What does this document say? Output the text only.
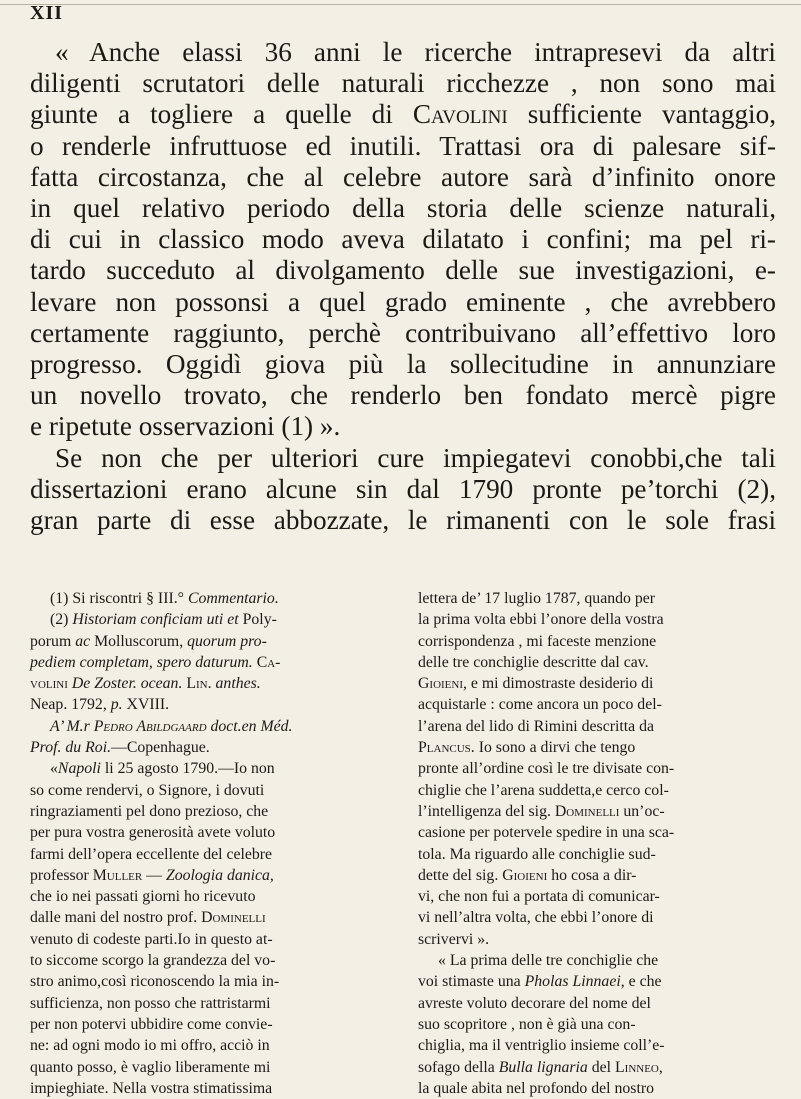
XII

« Anche elassi 36 anni le ricerche intrapresevi da altri

diligenti scrutatori delle naturali ricchezze , non sono mai

giunte a togliere a quelle di Cavolini sufficiente vantaggio,

o renderle infruttuose ed inutili. Trattasi ora di palesare sif-

fatta circostanza, che al celebre autore sarà d’infinito onore

in quel relativo periodo della storia delle scienze naturali,

di cui in classico modo aveva dilatato i confini; ma pel ri-

tardo succeduto al divolgamento delle sue investigazioni, e-

levare non possonsi a quel grado eminente , che avrebbero

certamente raggiunto, perchè contribuivano all’effettivo loro

progresso. Oggidì giova più la sollecitudine in annunziare

un novello trovato, che renderlo ben fondato mercè pigre

e ripetute osservazioni (1) ».

Se non che per ulteriori cure impiegatevi conobbi,che tali

dissertazioni erano alcune sin dal 1790 pronte pe’torchi (2),

gran parte di esse abbozzate, le rimanenti con le sole frasi

(1) Si riscontri § III.° Commentario.

(2) Historiam conficiam uti et Poly-
porum ac Molluscorum, quorum pro-
pediem completam, spero daturum. Ca-
volini De Zoster. ocean. Lin. anthes.
Neap. 1792, p. XVIII.

A’ M.r Pedro Abildgaard doct.en Méd.
Prof. du Roi.—Copenhague.

«Napoli li 25 agosto 1790.—Io non
so come rendervi, o Signore, i dovuti
ringraziamenti pel dono prezioso, che
per pura vostra generosità avete voluto
farmi dell’opera eccellente del celebre
professor Muller — Zoologia danica,
che io nei passati giorni ho ricevuto
dalle mani del nostro prof. Dominelli
venuto di codeste parti.Io in questo at-
to siccome scorgo la grandezza del vo-
stro animo,così riconoscendo la mia in-
sufficienza, non posso che rattristarmi
per non potervi ubbidire come convie-
ne: ad ogni modo io mi offro, acciò in
quanto posso, è vaglio liberamente mi
impieghiate. Nella vostra stimatissima

lettera de’ 17 luglio 1787, quando per
la prima volta ebbi l’onore della vostra
corrispondenza , mi faceste menzione
delle tre conchiglie descritte dal cav.
Gioieni, e mi dimostraste desiderio di
acquistarle : come ancora un poco del-
l’arena del lido di Rimini descritta da
Plancus. Io sono a dirvi che tengo
pronte all’ordine così le tre divisate con-
chiglie che l’arena suddetta,e cerco col-
l’intelligenza del sig. Dominelli un’oc-
casione per potervele spedire in una sca-
tola. Ma riguardo alle conchiglie sud-
dette del sig. Gioieni ho cosa a dir-
vi, che non fui a portata di comunicar-
vi nell’altra volta, che ebbi l’onore di
scrivervi ».
« La prima delle tre conchiglie che
voi stimaste una Pholas Linnaei, e che
avreste voluto decorare del nome del
suo scopritore , non è già una con-
chiglia, ma il ventriglio insieme coll’e-
sofago della Bulla lignaria del Linneo,
la quale abita nel profondo del nostro
